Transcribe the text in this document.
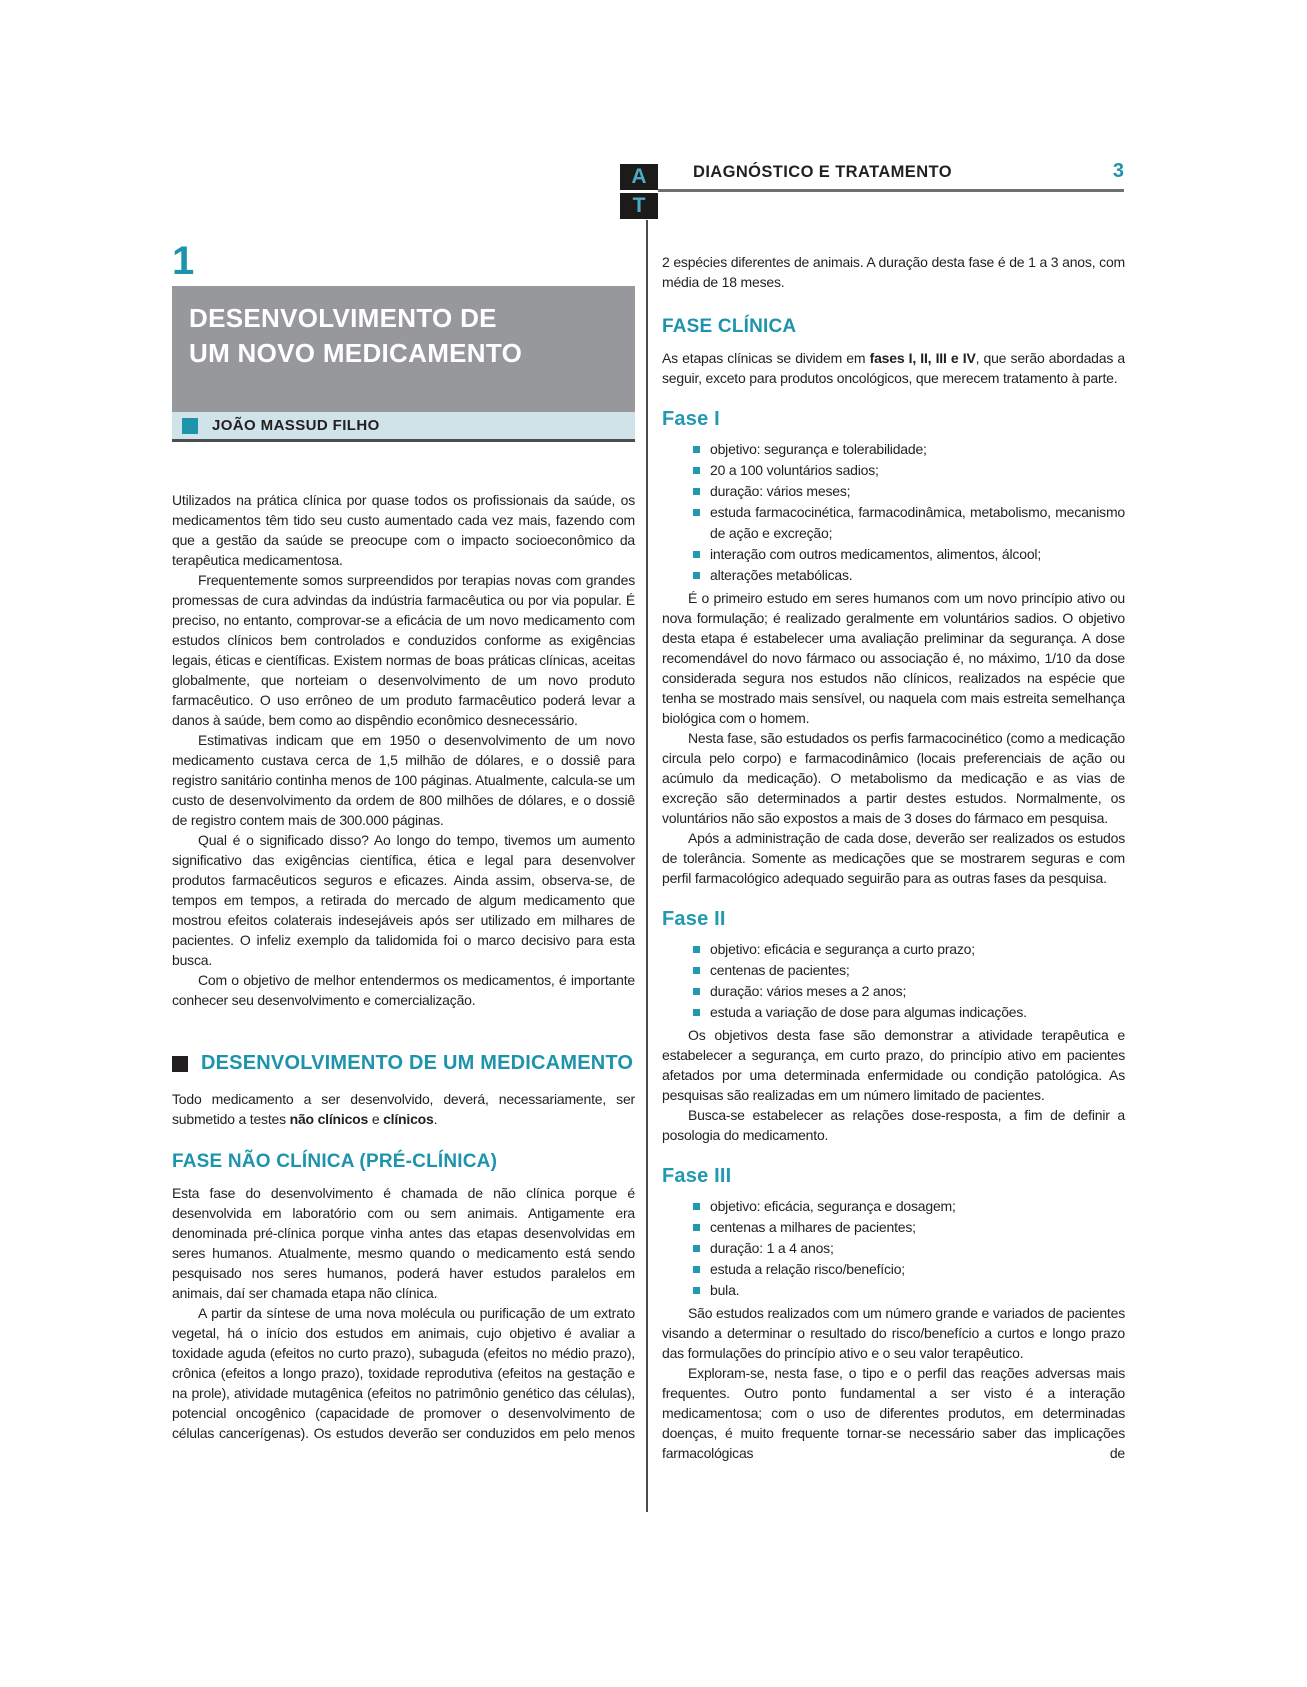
A
T
DIAGNÓSTICO E TRATAMENTO	3
1
DESENVOLVIMENTO DE
UM NOVO MEDICAMENTO
JOÃO MASSUD FILHO

Utilizados na prática clínica por quase todos os profissionais da saúde, os medicamentos têm tido seu custo aumentado cada vez mais, fazendo com que a gestão da saúde se preocupe com o impacto socioeconômico da terapêutica medicamentosa.

Frequentemente somos surpreendidos por terapias novas com grandes promessas de cura advindas da indústria farmacêutica ou por via popular. É preciso, no entanto, comprovar-se a eficácia de um novo medicamento com estudos clínicos bem controlados e conduzidos conforme as exigências legais, éticas e científicas. Existem normas de boas práticas clínicas, aceitas globalmente, que norteiam o desenvolvimento de um novo produto farmacêutico. O uso errôneo de um produto farmacêutico poderá levar a danos à saúde, bem como ao dispêndio econômico desnecessário.

Estimativas indicam que em 1950 o desenvolvimento de um novo medicamento custava cerca de 1,5 milhão de dólares, e o dossiê para registro sanitário continha menos de 100 páginas. Atualmente, calcula-se um custo de desenvolvimento da ordem de 800 milhões de dólares, e o dossiê de registro contem mais de 300.000 páginas.

Qual é o significado disso? Ao longo do tempo, tivemos um aumento significativo das exigências científica, ética e legal para desenvolver produtos farmacêuticos seguros e eficazes. Ainda assim, observa-se, de tempos em tempos, a retirada do mercado de algum medicamento que mostrou efeitos colaterais indesejáveis após ser utilizado em milhares de pacientes. O infeliz exemplo da talidomida foi o marco decisivo para esta busca.

Com o objetivo de melhor entendermos os medicamentos, é importante conhecer seu desenvolvimento e comercialização.

DESENVOLVIMENTO DE UM MEDICAMENTO

Todo medicamento a ser desenvolvido, deverá, necessariamente, ser submetido a testes não clínicos e clínicos.

FASE NÃO CLÍNICA (PRÉ-CLÍNICA)

Esta fase do desenvolvimento é chamada de não clínica porque é desenvolvida em laboratório com ou sem animais. Antigamente era denominada pré-clínica porque vinha antes das etapas desenvolvidas em seres humanos. Atualmente, mesmo quando o medicamento está sendo pesquisado nos seres humanos, poderá haver estudos paralelos em animais, daí ser chamada etapa não clínica.

A partir da síntese de uma nova molécula ou purificação de um extrato vegetal, há o início dos estudos em animais, cujo objetivo é avaliar a toxidade aguda (efeitos no curto prazo), subaguda (efeitos no médio prazo), crônica (efeitos a longo prazo), toxidade reprodutiva (efeitos na gestação e na prole), atividade mutagênica (efeitos no patrimônio genético das células), potencial oncogênico (capacidade de promover o desenvolvimento de células cancerígenas). Os estudos deverão ser conduzidos em pelo menos

2 espécies diferentes de animais. A duração desta fase é de 1 a 3 anos, com média de 18 meses.

FASE CLÍNICA

As etapas clínicas se dividem em fases I, II, III e IV, que serão abordadas a seguir, exceto para produtos oncológicos, que merecem tratamento à parte.

Fase I
objetivo: segurança e tolerabilidade;
20 a 100 voluntários sadios;
duração: vários meses;
estuda farmacocinética, farmacodinâmica, metabolismo, mecanismo de ação e excreção;
interação com outros medicamentos, alimentos, álcool;
alterações metabólicas.

É o primeiro estudo em seres humanos com um novo princípio ativo ou nova formulação; é realizado geralmente em voluntários sadios. O objetivo desta etapa é estabelecer uma avaliação preliminar da segurança. A dose recomendável do novo fármaco ou associação é, no máximo, 1/10 da dose considerada segura nos estudos não clínicos, realizados na espécie que tenha se mostrado mais sensível, ou naquela com mais estreita semelhança biológica com o homem.

Nesta fase, são estudados os perfis farmacocinético (como a medicação circula pelo corpo) e farmacodinâmico (locais preferenciais de ação ou acúmulo da medicação). O metabolismo da medicação e as vias de excreção são determinados a partir destes estudos. Normalmente, os voluntários não são expostos a mais de 3 doses do fármaco em pesquisa.

Após a administração de cada dose, deverão ser realizados os estudos de tolerância. Somente as medicações que se mostrarem seguras e com perfil farmacológico adequado seguirão para as outras fases da pesquisa.

Fase II
objetivo: eficácia e segurança a curto prazo;
centenas de pacientes;
duração: vários meses a 2 anos;
estuda a variação de dose para algumas indicações.

Os objetivos desta fase são demonstrar a atividade terapêutica e estabelecer a segurança, em curto prazo, do princípio ativo em pacientes afetados por uma determinada enfermidade ou condição patológica. As pesquisas são realizadas em um número limitado de pacientes.

Busca-se estabelecer as relações dose-resposta, a fim de definir a posologia do medicamento.

Fase III
objetivo: eficácia, segurança e dosagem;
centenas a milhares de pacientes;
duração: 1 a 4 anos;
estuda a relação risco/benefício;
bula.

São estudos realizados com um número grande e variados de pacientes visando a determinar o resultado do risco/benefício a curtos e longo prazo das formulações do princípio ativo e o seu valor terapêutico.

Exploram-se, nesta fase, o tipo e o perfil das reações adversas mais frequentes. Outro ponto fundamental a ser visto é a interação medicamentosa; com o uso de diferentes produtos, em determinadas doenças, é muito frequente tornar-se necessário saber das implicações farmacológicas de
